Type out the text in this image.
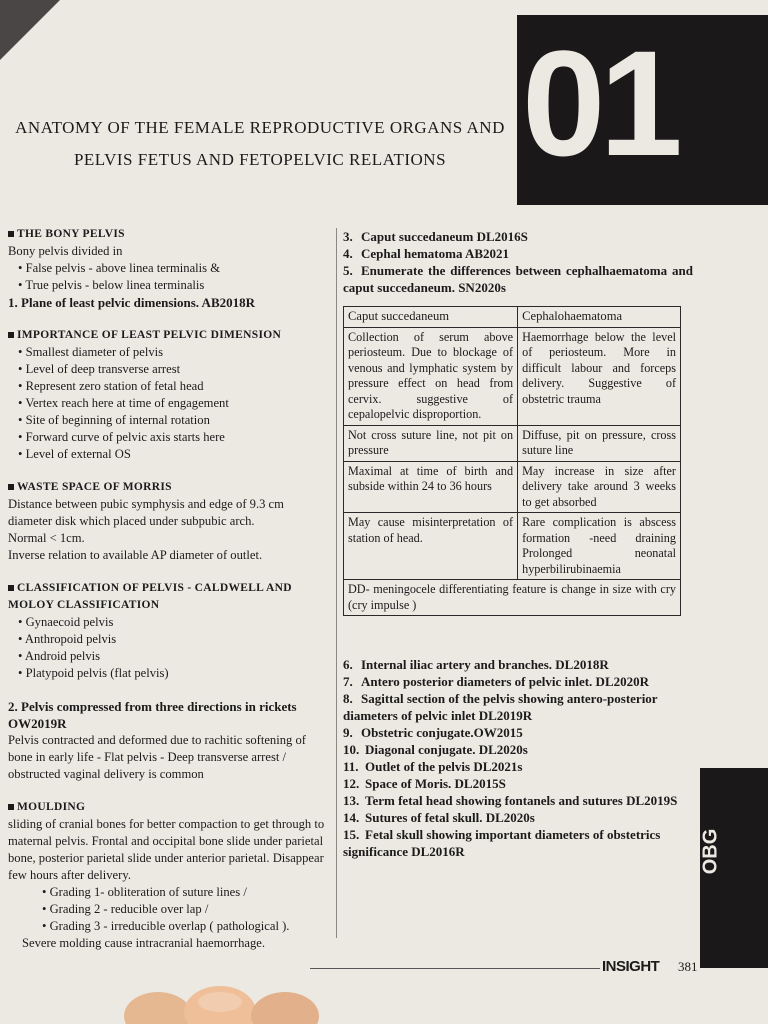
01
ANATOMY OF THE FEMALE REPRODUCTIVE ORGANS AND
PELVIS FETUS AND FETOPELVIC RELATIONS
THE BONY PELVIS

Bony pelvis divided in

• False pelvis - above linea terminalis &
• True pelvis - below linea terminalis

1. Plane of least pelvic dimensions. AB2018R

IMPORTANCE OF LEAST PELVIC DIMENSION
• Smallest diameter of pelvis
• Level of deep transverse arrest
• Represent zero station of fetal head
• Vertex reach here at time of engagement
• Site of beginning of internal rotation
• Forward curve of pelvic axis starts here
• Level of external OS
WASTE SPACE OF MORRIS

Distance between pubic symphysis and edge of 9.3 cm diameter disk which placed under subpubic arch.

Normal < 1cm.

Inverse relation to available AP diameter of outlet.

CLASSIFICATION OF PELVIS - CALDWELL AND MOLOY CLASSIFICATION
• Gynaecoid pelvis
• Anthropoid pelvis
• Android pelvis
• Platypoid pelvis (flat pelvis)

2. Pelvis compressed from three directions in rickets OW2019R

Pelvis contracted and deformed due to rachitic softening of bone in early life - Flat pelvis - Deep transverse arrest / obstructed vaginal delivery is common

MOULDING

sliding of cranial bones for better compaction to get through to maternal pelvis. Frontal and occipital bone slide under parietal bone, posterior parietal slide under anterior parietal. Disappear few hours after delivery.

• Grading 1- obliteration of suture lines /
• Grading 2 - reducible over lap /
• Grading 3 - irreducible overlap ( pathological ).

Severe molding cause intracranial haemorrhage.

3. Caput succedaneum DL2016S

4. Cephal hematoma AB2021

5. Enumerate the differences between cephalhaematoma and caput succedaneum. SN2020s

Caput succedaneum	Cephalohaematoma
Collection of serum above periosteum. Due to blockage of venous and lymphatic system by pressure effect on head from cervix. suggestive of cepalopelvic disproportion.	Haemorrhage below the level of periosteum. More in difficult labour and forceps delivery. Suggestive of obstetric trauma
Not cross suture line, not pit on pressure	Diffuse, pit on pressure, cross suture line
Maximal at time of birth and subside within 24 to 36 hours	May increase in size after delivery take around 3 weeks to get absorbed
May cause misinterpretation of station of head.	Rare complication is abscess formation -need draining Prolonged neonatal hyperbilirubinaemia
DD- meningocele differentiating feature is change in size with cry (cry impulse )	

6. Internal iliac artery and branches. DL2018R

7. Antero posterior diameters of pelvic inlet. DL2020R

8. Sagittal section of the pelvis showing antero-posterior diameters of pelvic inlet DL2019R

9. Obstetric conjugate.OW2015

10. Diagonal conjugate. DL2020s

11. Outlet of the pelvis DL2021s

12. Space of Moris. DL2015S

13. Term fetal head showing fontanels and sutures DL2019S

14. Sutures of fetal skull. DL2020s

15. Fetal skull showing important diameters of obstetrics significance DL2016R	OBG
INSIGHT 381
